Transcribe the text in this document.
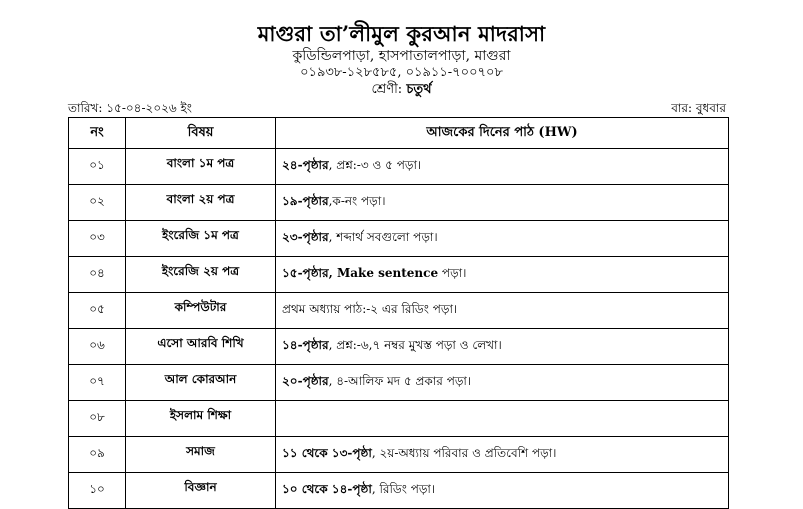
মাগুরা তা’লীমুল কুরআন মাদরাসা
কুডিন্ডিলপাড়া, হাসপাতালপাড়া, মাগুরা
০১৯৩৮-১২৮৫৮৫, ০১৯১১-৭০০৭০৮
শ্রেণী: চতুর্থ
তারিখ: ১৫-০৪-২০২৬ ইং	বার: বুধবার
নং	বিষয়	আজকের দিনের পাঠ (HW)
০১	বাংলা ১ম পত্র	২৪-পৃষ্ঠার, প্রশ্ন:-৩ ও ৫ পড়া।
০২	বাংলা ২য় পত্র	১৯-পৃষ্ঠার,ক-নং পড়া।
০৩	ইংরেজি ১ম পত্র	২৩-পৃষ্ঠার, শব্দার্থ সবগুলো পড়া।
০৪	ইংরেজি ২য় পত্র	১৫-পৃষ্ঠার, Make sentence পড়া।
০৫	কম্পিউটার	প্রথম অধ্যায় পাঠ:-২ এর রিডিং পড়া।
০৬	এসো আরবি শিখি	১৪-পৃষ্ঠার, প্রশ্ন:-৬,৭ নম্বর মুখস্ত পড়া ও লেখা।
০৭	আল কোরআন	২০-পৃষ্ঠার, ৪-আলিফ মদ ৫ প্রকার পড়া।
০৮	ইসলাম শিক্ষা	
০৯	সমাজ	১১ থেকে ১৩-পৃষ্ঠা, ২য়-অধ্যায় পরিবার ও প্রতিবেশি পড়া।
১০	বিজ্ঞান	১০ থেকে ১৪-পৃষ্ঠা, রিডিং পড়া।
